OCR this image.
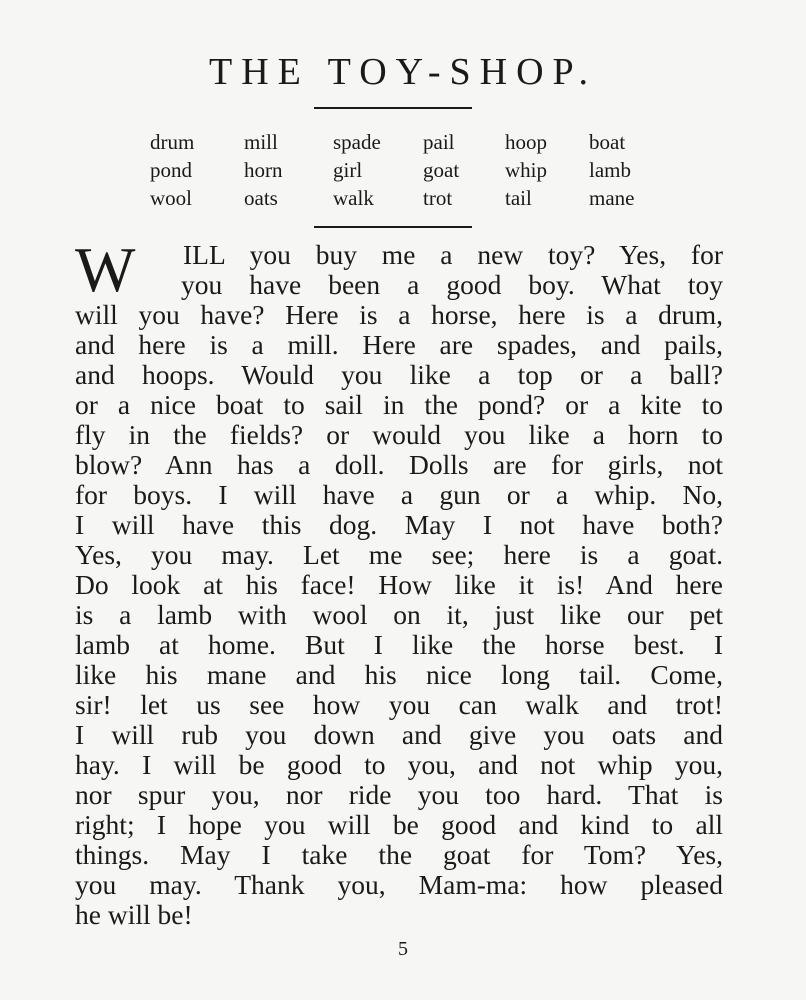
THE TOY-SHOP.
drum	mill	spade	pail	hoop	boat
pond	horn	girl	goat	whip	lamb
wool	oats	walk	trot	tail	mane
W	ILL you buy me a new toy? Yes, for
you have been a good boy. What toy
will you have? Here is a horse, here is a drum,
and here is a mill. Here are spades, and pails,
and hoops. Would you like a top or a ball?
or a nice boat to sail in the pond? or a kite to
fly in the fields? or would you like a horn to
blow? Ann has a doll. Dolls are for girls, not
for boys. I will have a gun or a whip. No,
I will have this dog. May I not have both?
Yes, you may. Let me see; here is a goat.
Do look at his face! How like it is! And here
is a lamb with wool on it, just like our pet
lamb at home. But I like the horse best. I
like his mane and his nice long tail. Come,
sir! let us see how you can walk and trot!
I will rub you down and give you oats and
hay. I will be good to you, and not whip you,
nor spur you, nor ride you too hard. That is
right; I hope you will be good and kind to all
things. May I take the goat for Tom? Yes,
you may. Thank you, Mam-ma: how pleased
he will be!
5
